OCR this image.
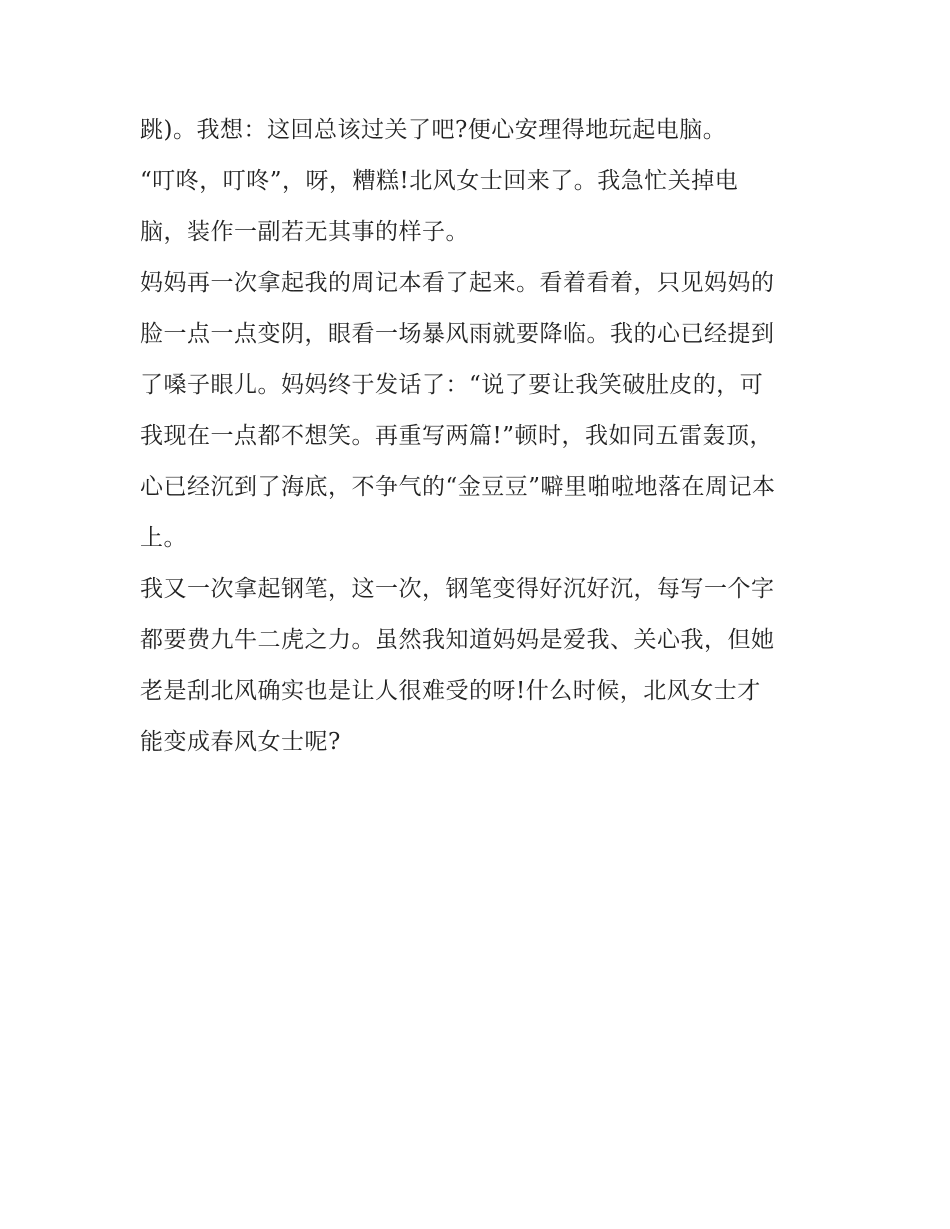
跳)。我想：这回总该过关了吧?便心安理得地玩起电脑。
“叮咚，叮咚”，呀，糟糕!北风女士回来了。我急忙关掉电
脑，装作一副若无其事的样子。
妈妈再一次拿起我的周记本看了起来。看着看着，只见妈妈的
脸一点一点变阴，眼看一场暴风雨就要降临。我的心已经提到
了嗓子眼儿。妈妈终于发话了：“说了要让我笑破肚皮的，可
我现在一点都不想笑。再重写两篇!”顿时，我如同五雷轰顶，
心已经沉到了海底，不争气的“金豆豆”噼里啪啦地落在周记本
上。
我又一次拿起钢笔，这一次，钢笔变得好沉好沉，每写一个字
都要费九牛二虎之力。虽然我知道妈妈是爱我、关心我，但她
老是刮北风确实也是让人很难受的呀!什么时候，北风女士才
能变成春风女士呢?
